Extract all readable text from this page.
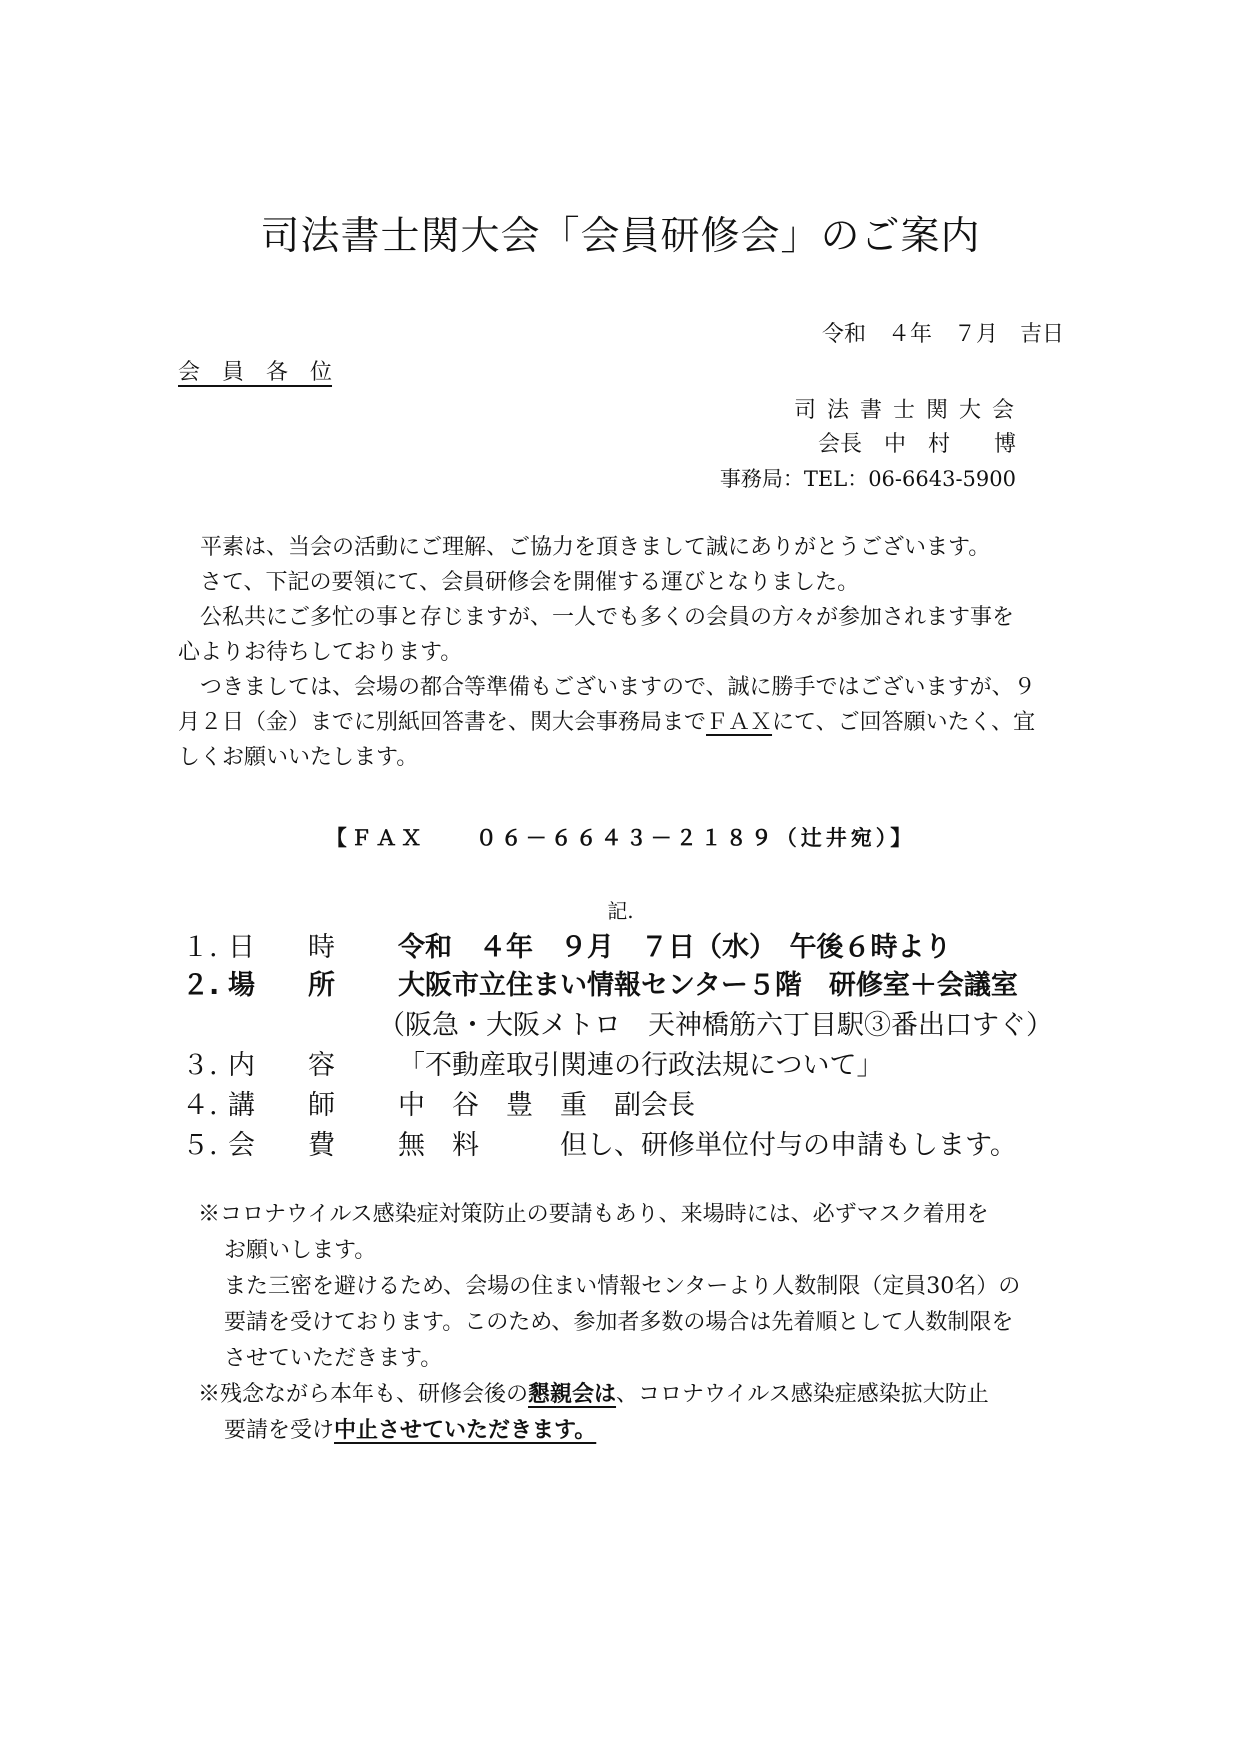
司法書士関大会「会員研修会」のご案内
令和　４年　７月　吉日
会　員　各　位
司 法 書 士 関 大 会
会長　中　村　　博
事務局：TEL：06-6643-5900
平素は、当会の活動にご理解、ご協力を頂きまして誠にありがとうございます。
さて、下記の要領にて、会員研修会を開催する運びとなりました。
公私共にご多忙の事と存じますが、一人でも多くの会員の方々が参加されます事を
心よりお待ちしております。
つきましては、会場の都合等準備もございますので、誠に勝手ではございますが、９
月２日（金）までに別紙回答書を、関大会事務局までＦＡＸにて、ご回答願いたく、宜
しくお願いいたします。
【ＦＡＸ　　０６－６６４３－２１８９（辻井宛）】
記.
１. 日 時 令和　４年　９月　７日（水）　午後６時より
２. 場 所 大阪市立住まい情報センター５階　研修室＋会議室
（阪急・大阪メトロ　天神橋筋六丁目駅③番出口すぐ）
３. 内 容 「不動産取引関連の行政法規について」
４. 講 師 中　谷　豊　重　副会長
５. 会 費 無　料　　　但し、研修単位付与の申請もします。
※コロナウイルス感染症対策防止の要請もあり、来場時には、必ずマスク着用を
お願いします。
また三密を避けるため、会場の住まい情報センターより人数制限（定員30名）の
要請を受けております。このため、参加者多数の場合は先着順として人数制限を
させていただきます。
※残念ながら本年も、研修会後の懇親会は、コロナウイルス感染症感染拡大防止
要請を受け中止させていただきます。
